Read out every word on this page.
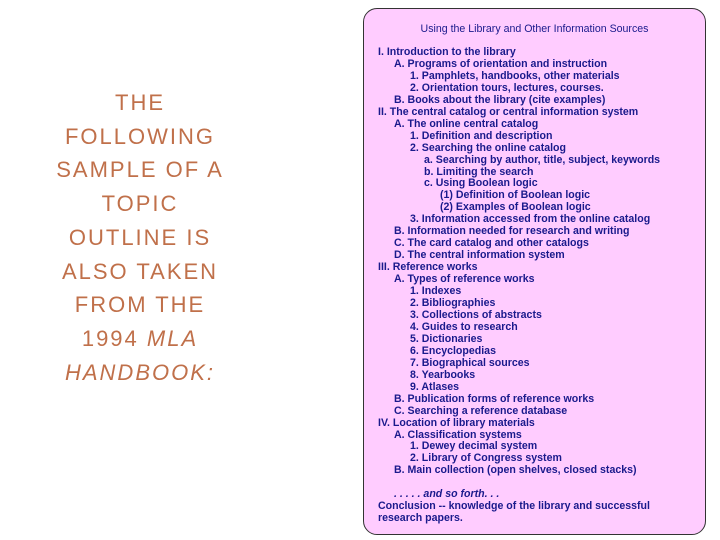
THE
FOLLOWING
SAMPLE OF A
TOPIC
OUTLINE IS
ALSO TAKEN
FROM THE
1994 MLA
HANDBOOK:
Using the Library and Other Information Sources
I. Introduction to the library
A. Programs of orientation and instruction
1. Pamphlets, handbooks, other materials
2. Orientation tours, lectures, courses.
B. Books about the library (cite examples)
II. The central catalog or central information system
A. The online central catalog
1. Definition and description
2. Searching the online catalog
a. Searching by author, title, subject, keywords
b. Limiting the search
c. Using Boolean logic
(1) Definition of Boolean logic
(2) Examples of Boolean logic
3. Information accessed from the online catalog
B. Information needed for research and writing
C. The card catalog and other catalogs
D. The central information system
III. Reference works
A. Types of reference works
1. Indexes
2. Bibliographies
3. Collections of abstracts
4. Guides to research
5. Dictionaries
6. Encyclopedias
7. Biographical sources
8. Yearbooks
9. Atlases
B. Publication forms of reference works
C. Searching a reference database
IV. Location of library materials
A. Classification systems
1. Dewey decimal system
2. Library of Congress system
B. Main collection (open shelves, closed stacks)
. . . . . and so forth. . .
Conclusion -- knowledge of the library and successful
research papers.
